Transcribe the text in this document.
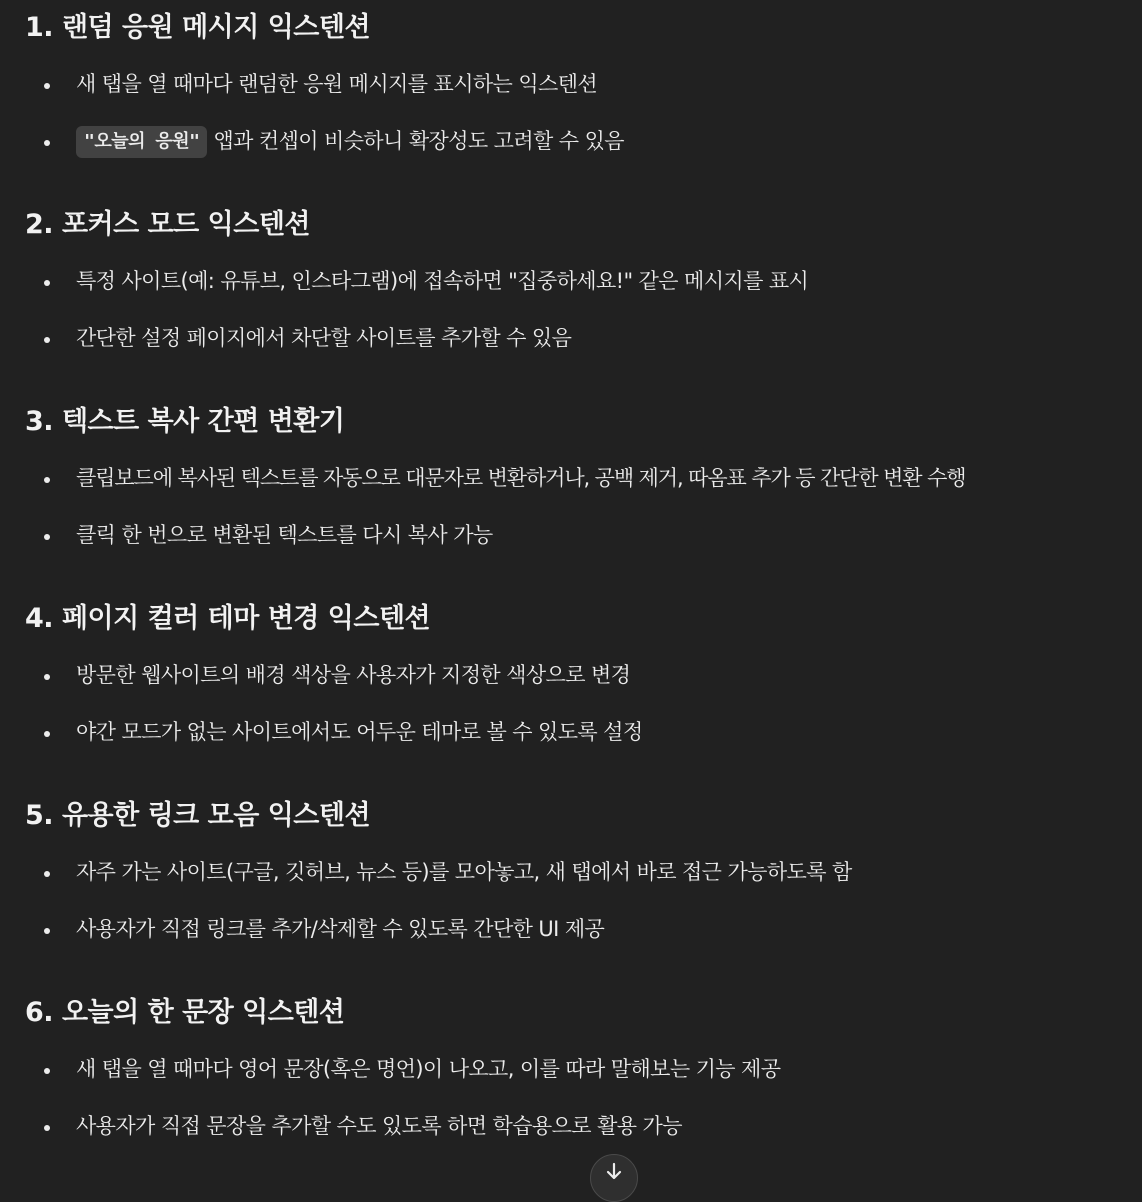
1. 랜덤 응원 메시지 익스텐션
새 탭을 열 때마다 랜덤한 응원 메시지를 표시하는 익스텐션
"오늘의 응원" 앱과 컨셉이 비슷하니 확장성도 고려할 수 있음
2. 포커스 모드 익스텐션
특정 사이트(예: 유튜브, 인스타그램)에 접속하면 "집중하세요!" 같은 메시지를 표시
간단한 설정 페이지에서 차단할 사이트를 추가할 수 있음
3. 텍스트 복사 간편 변환기
클립보드에 복사된 텍스트를 자동으로 대문자로 변환하거나, 공백 제거, 따옴표 추가 등 간단한 변환 수행
클릭 한 번으로 변환된 텍스트를 다시 복사 가능
4. 페이지 컬러 테마 변경 익스텐션
방문한 웹사이트의 배경 색상을 사용자가 지정한 색상으로 변경
야간 모드가 없는 사이트에서도 어두운 테마로 볼 수 있도록 설정
5. 유용한 링크 모음 익스텐션
자주 가는 사이트(구글, 깃허브, 뉴스 등)를 모아놓고, 새 탭에서 바로 접근 가능하도록 함
사용자가 직접 링크를 추가/삭제할 수 있도록 간단한 UI 제공
6. 오늘의 한 문장 익스텐션
새 탭을 열 때마다 영어 문장(혹은 명언)이 나오고, 이를 따라 말해보는 기능 제공
사용자가 직접 문장을 추가할 수도 있도록 하면 학습용으로 활용 가능
